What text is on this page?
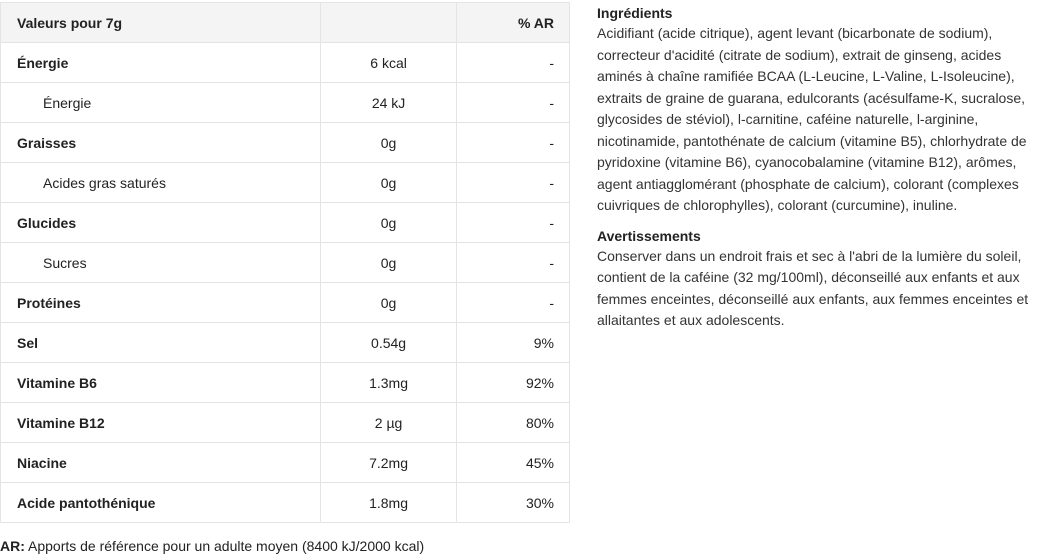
Valeurs pour 7g		% AR
Énergie	6 kcal	-
Énergie	24 kJ	-
Graisses	0g	-
Acides gras saturés	0g	-
Glucides	0g	-
Sucres	0g	-
Protéines	0g	-
Sel	0.54g	9%
Vitamine B6	1.3mg	92%
Vitamine B12	2 µg	80%
Niacine	7.2mg	45%
Acide pantothénique	1.8mg	30%
AR: Apports de référence pour un adulte moyen (8400 kJ/2000 kcal)
Ingrédients

Acidifiant (acide citrique), agent levant (bicarbonate de sodium), correcteur d'acidité (citrate de sodium), extrait de ginseng, acides aminés à chaîne ramifiée BCAA (L-Leucine, L-Valine, L-Isoleucine), extraits de graine de guarana, edulcorants (acésulfame-K, sucralose, glycosides de stéviol), l-carnitine, caféine naturelle, l-arginine, nicotinamide, pantothénate de calcium (vitamine B5), chlorhydrate de pyridoxine (vitamine B6), cyanocobalamine (vitamine B12), arômes, agent antiagglomérant (phosphate de calcium), colorant (complexes cuivriques de chlorophylles), colorant (curcumine), inuline.

Avertissements

Conserver dans un endroit frais et sec à l'abri de la lumière du soleil, contient de la caféine (32 mg/100ml), déconseillé aux enfants et aux femmes enceintes, déconseillé aux enfants, aux femmes enceintes et allaitantes et aux adolescents.
